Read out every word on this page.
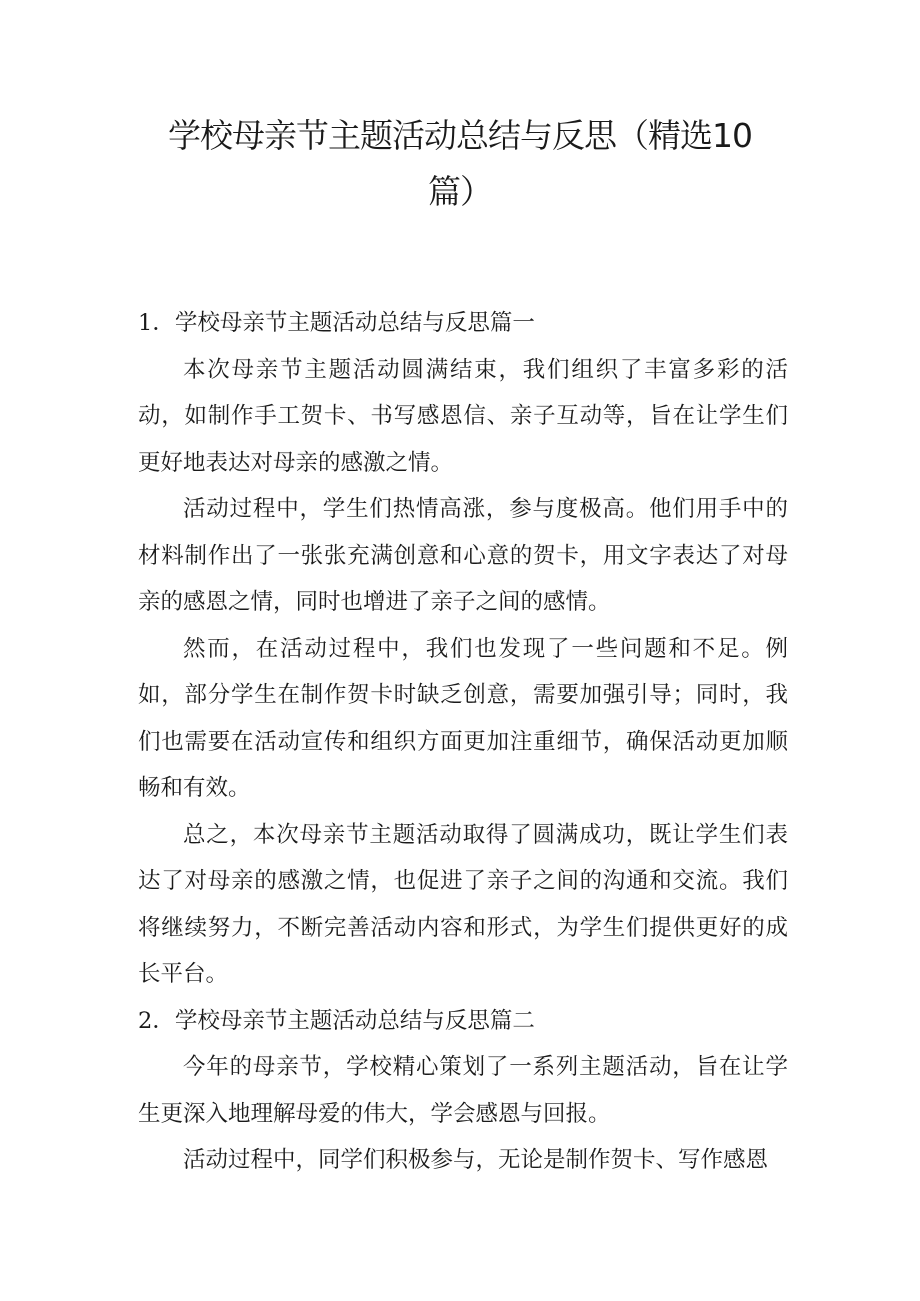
学校母亲节主题活动总结与反思（精选10
篇）

1．学校母亲节主题活动总结与反思篇一

本次母亲节主题活动圆满结束，我们组织了丰富多彩的活动，如制作手工贺卡、书写感恩信、亲子互动等，旨在让学生们更好地表达对母亲的感激之情。

活动过程中，学生们热情高涨，参与度极高。他们用手中的材料制作出了一张张充满创意和心意的贺卡，用文字表达了对母亲的感恩之情，同时也增进了亲子之间的感情。

然而，在活动过程中，我们也发现了一些问题和不足。例如，部分学生在制作贺卡时缺乏创意，需要加强引导；同时，我们也需要在活动宣传和组织方面更加注重细节，确保活动更加顺畅和有效。

总之，本次母亲节主题活动取得了圆满成功，既让学生们表达了对母亲的感激之情，也促进了亲子之间的沟通和交流。我们将继续努力，不断完善活动内容和形式，为学生们提供更好的成长平台。

2．学校母亲节主题活动总结与反思篇二

今年的母亲节，学校精心策划了一系列主题活动，旨在让学生更深入地理解母爱的伟大，学会感恩与回报。

活动过程中，同学们积极参与，无论是制作贺卡、写作感恩
